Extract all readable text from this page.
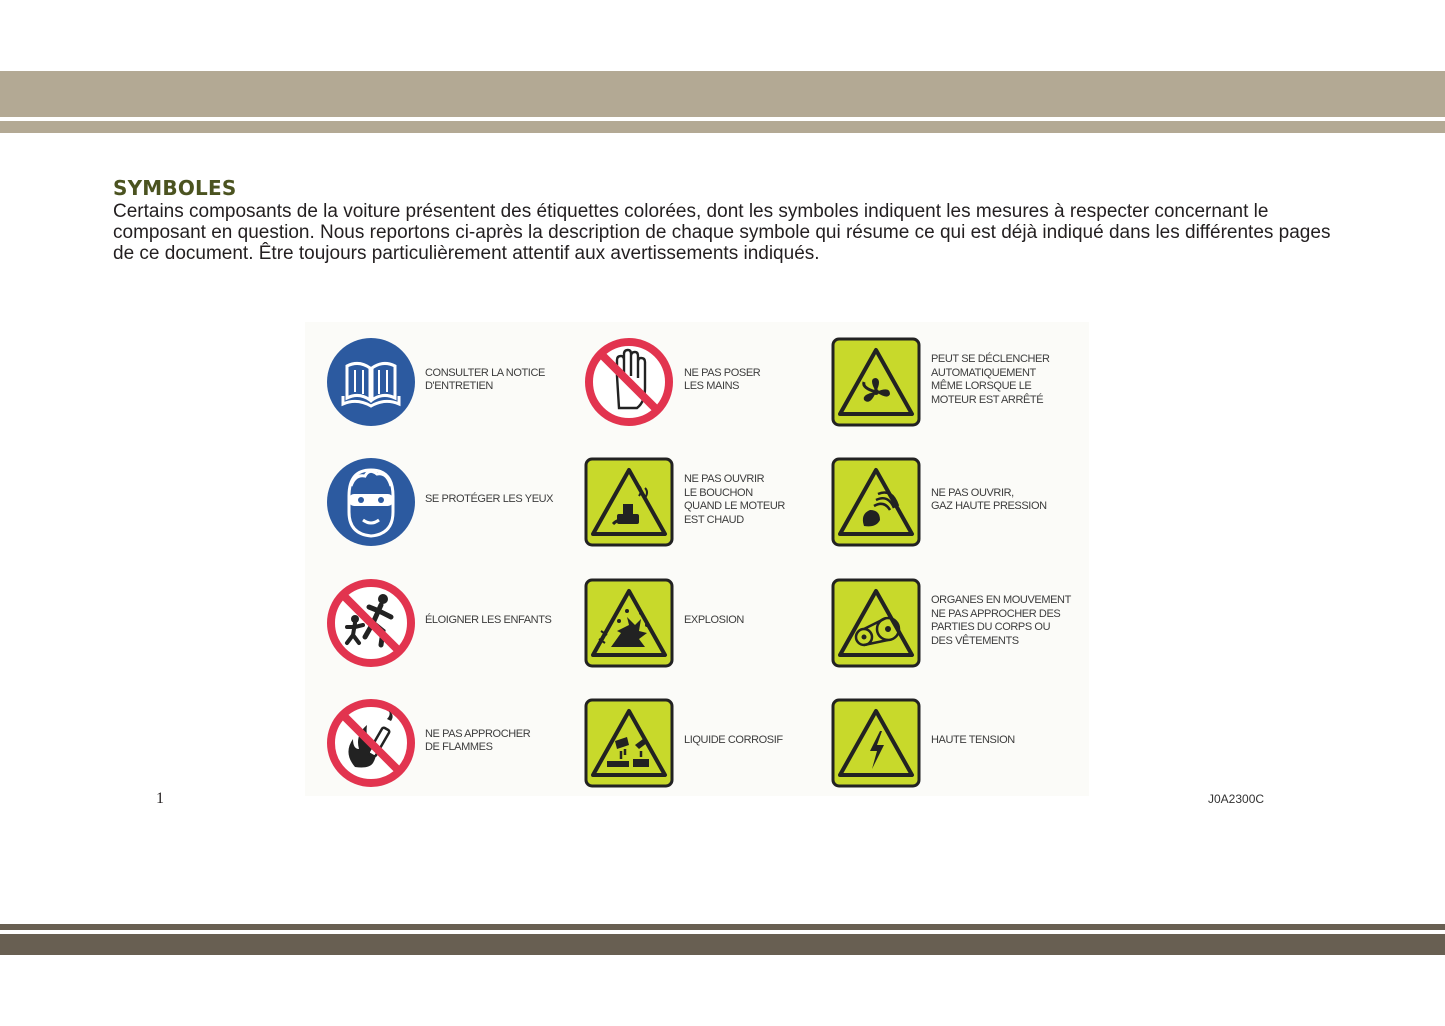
SYMBOLES

Certains composants de la voiture présentent des étiquettes colorées, dont les symboles indiquent les mesures à respecter concernant le composant en question. Nous reportons ci-après la description de chaque symbole qui résume ce qui est déjà indiqué dans les différentes pages de ce document. Être toujours particulièrement attentif aux avertissements indiqués.

CONSULTER LA NOTICE
D'ENTRETIEN
NE PAS POSER
LES MAINS
PEUT SE DÉCLENCHER
AUTOMATIQUEMENT
MÊME LORSQUE LE
MOTEUR EST ARRÊTÉ
SE PROTÉGER LES YEUX
NE PAS OUVRIR
LE BOUCHON
QUAND LE MOTEUR
EST CHAUD
NE PAS OUVRIR,
GAZ HAUTE PRESSION
ÉLOIGNER LES ENFANTS	EXPLOSION
ORGANES EN MOUVEMENT
NE PAS APPROCHER DES
PARTIES DU CORPS OU
DES VÊTEMENTS
NE PAS APPROCHER
DE FLAMMES
LIQUIDE CORROSIF	HAUTE TENSION
1	J0A2300C
